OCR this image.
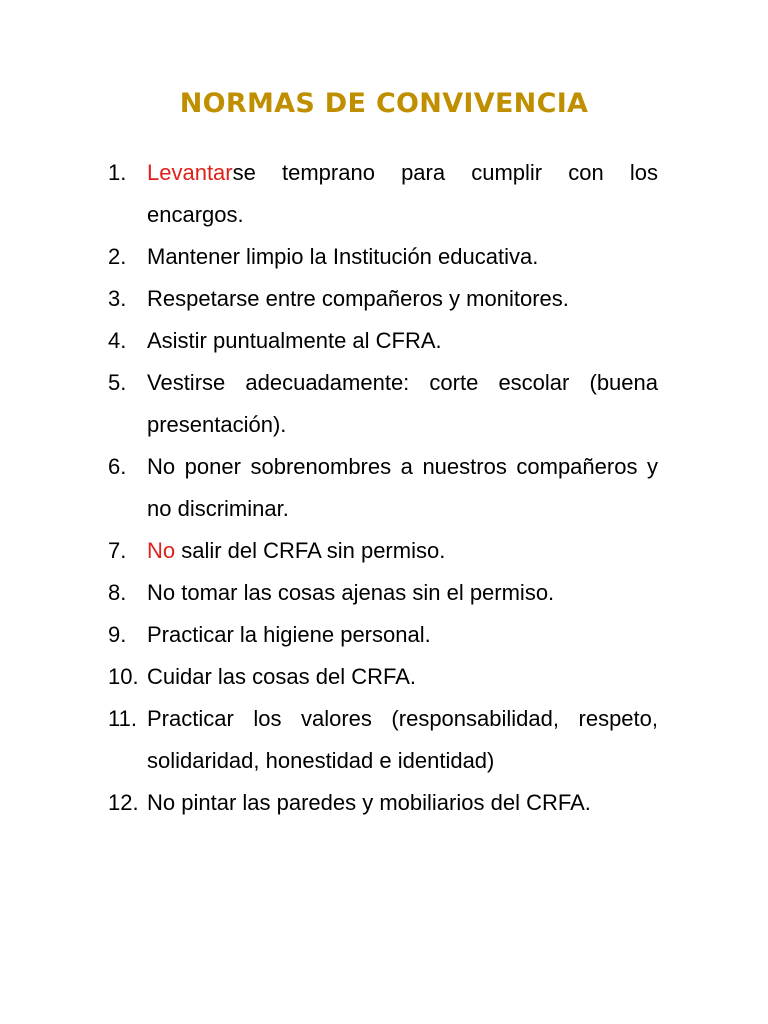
NORMAS DE CONVIVENCIA
1. Levantarse temprano para cumplir con los encargos.
2. Mantener limpio la Institución educativa.
3. Respetarse entre compañeros y monitores.
4. Asistir puntualmente al CFRA.
5. Vestirse adecuadamente: corte escolar (buena presentación).
6. No poner sobrenombres a nuestros compañeros y no discriminar.
7. No salir del CRFA sin permiso.
8. No tomar las cosas ajenas sin el permiso.
9. Practicar la higiene personal.
10. Cuidar las cosas del CRFA.
11. Practicar los valores (responsabilidad, respeto, solidaridad, honestidad e identidad)
12. No pintar las paredes y mobiliarios del CRFA.
